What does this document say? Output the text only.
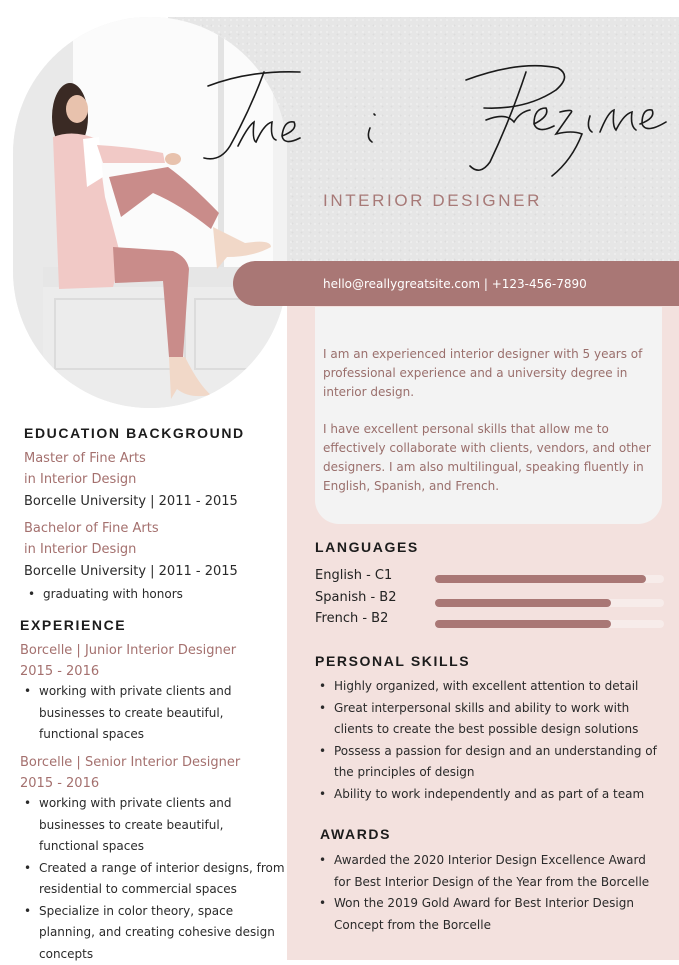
Ime i Prezime
INTERIOR DESIGNER
hello@reallygreatsite.com | +123-456-7890

I am an experienced interior designer with 5 years of professional experience and a university degree in interior design.

I have excellent personal skills that allow me to effectively collaborate with clients, vendors, and other designers. I am also multilingual, speaking fluently in English, Spanish, and French.

EDUCATION BACKGROUND
Master of Fine Arts
in Interior Design
Borcelle University | 2011 - 2015
Bachelor of Fine Arts
in Interior Design
Borcelle University | 2011 - 2015
• graduating with honors
EXPERIENCE
Borcelle | Junior Interior Designer
2015 - 2016
• working with private clients and businesses to create beautiful, functional spaces
Borcelle | Senior Interior Designer
2015 - 2016
• working with private clients and businesses to create beautiful, functional spaces
• Created a range of interior designs, from residential to commercial spaces
• Specialize in color theory, space planning, and creating cohesive design concepts
LANGUAGES
English - C1
Spanish - B2
French - B2
PERSONAL SKILLS
• Highly organized, with excellent attention to detail
• Great interpersonal skills and ability to work with clients to create the best possible design solutions
• Possess a passion for design and an understanding of the principles of design
• Ability to work independently and as part of a team
AWARDS
• Awarded the 2020 Interior Design Excellence Award for Best Interior Design of the Year from the Borcelle
• Won the 2019 Gold Award for Best Interior Design Concept from the Borcelle
